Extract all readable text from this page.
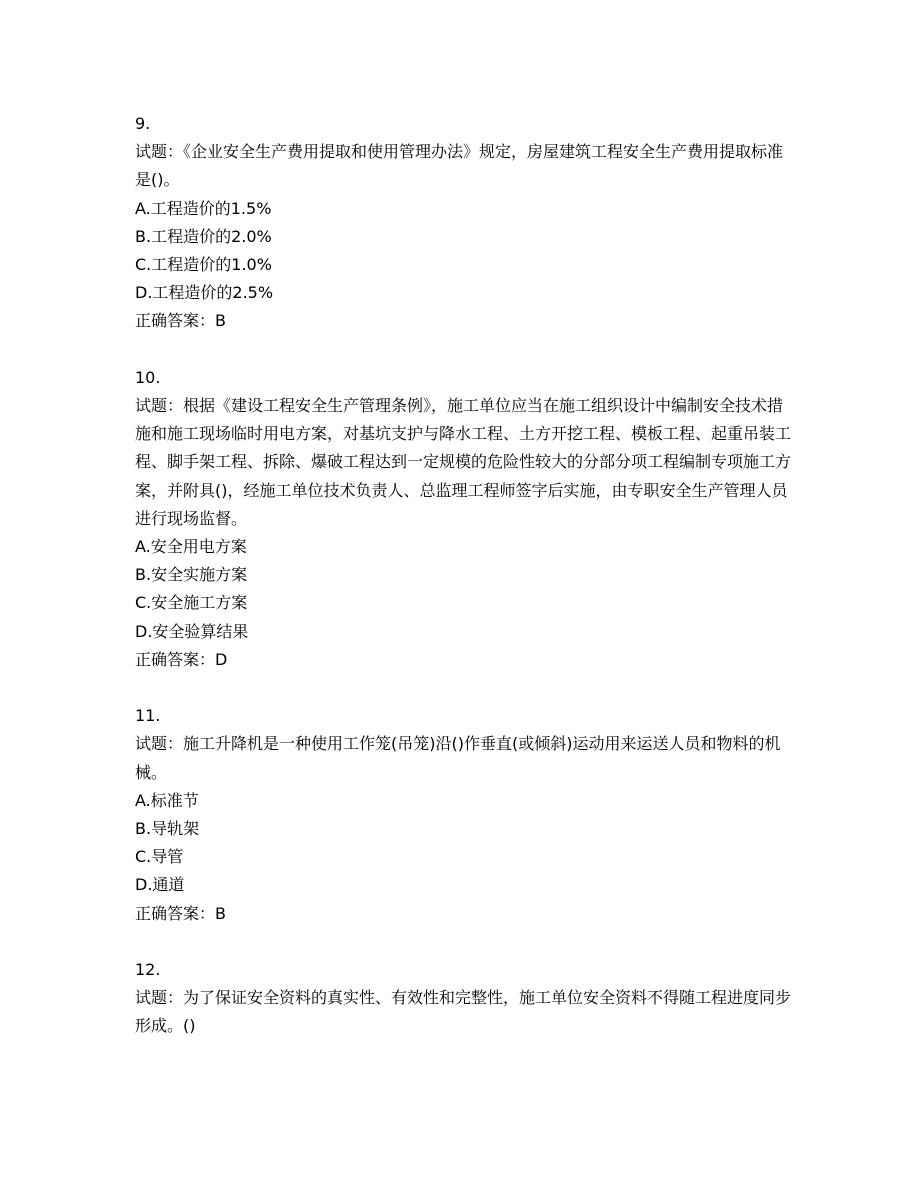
9.
试题：《企业安全生产费用提取和使用管理办法》规定，房屋建筑工程安全生产费用提取标准是()。
A.工程造价的1.5%
B.工程造价的2.0%
C.工程造价的1.0%
D.工程造价的2.5%
正确答案：B
10.
试题：根据《建设工程安全生产管理条例》，施工单位应当在施工组织设计中编制安全技术措施和施工现场临时用电方案，对基坑支护与降水工程、土方开挖工程、模板工程、起重吊装工程、脚手架工程、拆除、爆破工程达到一定规模的危险性较大的分部分项工程编制专项施工方案，并附具()，经施工单位技术负责人、总监理工程师签字后实施，由专职安全生产管理人员进行现场监督。
A.安全用电方案
B.安全实施方案
C.安全施工方案
D.安全验算结果
正确答案：D
11.
试题：施工升降机是一种使用工作笼(吊笼)沿()作垂直(或倾斜)运动用来运送人员和物料的机械。
A.标准节
B.导轨架
C.导管
D.通道
正确答案：B
12.
试题：为了保证安全资料的真实性、有效性和完整性，施工单位安全资料不得随工程进度同步形成。()
